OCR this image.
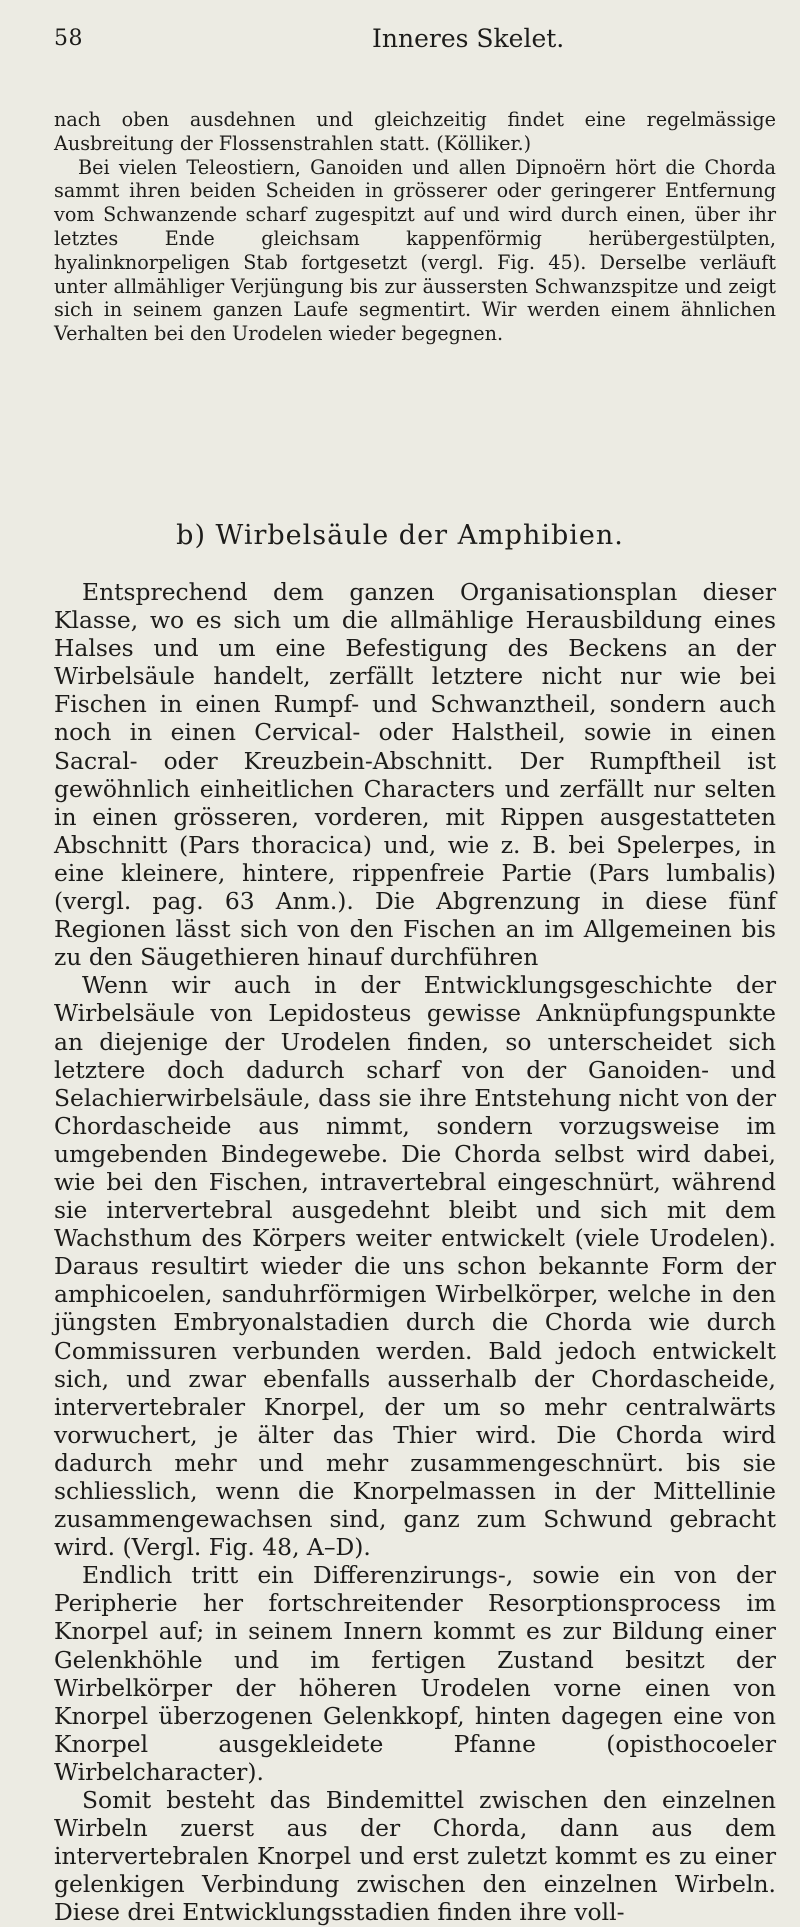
58	Inneres Skelet.

nach oben ausdehnen und gleichzeitig findet eine regelmässige Ausbreitung der Flossenstrahlen statt. (Kölliker.)

Bei vielen Teleostiern, Ganoiden und allen Dipnoërn hört die Chorda sammt ihren beiden Scheiden in grösserer oder geringerer Entfernung vom Schwanzende scharf zugespitzt auf und wird durch einen, über ihr letztes Ende gleichsam kappenförmig herübergestülpten, hyalinknorpeligen Stab fortgesetzt (vergl. Fig. 45). Derselbe verläuft unter allmähliger Verjüngung bis zur äussersten Schwanzspitze und zeigt sich in seinem ganzen Laufe segmentirt. Wir werden einem ähnlichen Verhalten bei den Urodelen wieder begegnen.

b) Wirbelsäule der Amphibien.

Entsprechend dem ganzen Organisationsplan dieser Klasse, wo es sich um die allmählige Herausbildung eines Halses und um eine Befestigung des Beckens an der Wirbelsäule handelt, zerfällt letztere nicht nur wie bei Fischen in einen Rumpf- und Schwanztheil, sondern auch noch in einen Cervical- oder Halstheil, sowie in einen Sacral- oder Kreuzbein-Abschnitt. Der Rumpftheil ist gewöhnlich einheitlichen Characters und zerfällt nur selten in einen grösseren, vorderen, mit Rippen ausgestatteten Abschnitt (Pars thoracica) und, wie z. B. bei Spelerpes, in eine kleinere, hintere, rippenfreie Partie (Pars lumbalis) (vergl. pag. 63 Anm.). Die Abgrenzung in diese fünf Regionen lässt sich von den Fischen an im Allgemeinen bis zu den Säugethieren hinauf durchführen

Wenn wir auch in der Entwicklungsgeschichte der Wirbelsäule von Lepidosteus gewisse Anknüpfungspunkte an diejenige der Urodelen finden, so unterscheidet sich letztere doch dadurch scharf von der Ganoiden- und Selachierwirbelsäule, dass sie ihre Entstehung nicht von der Chordascheide aus nimmt, sondern vorzugsweise im umgebenden Bindegewebe. Die Chorda selbst wird dabei, wie bei den Fischen, intravertebral eingeschnürt, während sie intervertebral ausgedehnt bleibt und sich mit dem Wachsthum des Körpers weiter entwickelt (viele Urodelen). Daraus resultirt wieder die uns schon bekannte Form der amphicoelen, sanduhrförmigen Wirbelkörper, welche in den jüngsten Embryonalstadien durch die Chorda wie durch Commissuren verbunden werden. Bald jedoch entwickelt sich, und zwar ebenfalls ausserhalb der Chordascheide, intervertebraler Knorpel, der um so mehr centralwärts vorwuchert, je älter das Thier wird. Die Chorda wird dadurch mehr und mehr zusammengeschnürt. bis sie schliesslich, wenn die Knorpelmassen in der Mittellinie zusammengewachsen sind, ganz zum Schwund gebracht wird. (Vergl. Fig. 48, A–D).

Endlich tritt ein Differenzirungs-, sowie ein von der Peripherie her fortschreitender Resorptionsprocess im Knorpel auf; in seinem Innern kommt es zur Bildung einer Gelenkhöhle und im fertigen Zustand besitzt der Wirbelkörper der höheren Urodelen vorne einen von Knorpel überzogenen Gelenkkopf, hinten dagegen eine von Knorpel ausgekleidete Pfanne (opisthocoeler Wirbelcharacter).

Somit besteht das Bindemittel zwischen den einzelnen Wirbeln zuerst aus der Chorda, dann aus dem intervertebralen Knorpel und erst zuletzt kommt es zu einer gelenkigen Verbindung zwischen den einzelnen Wirbeln. Diese drei Entwicklungsstadien finden ihre voll-
